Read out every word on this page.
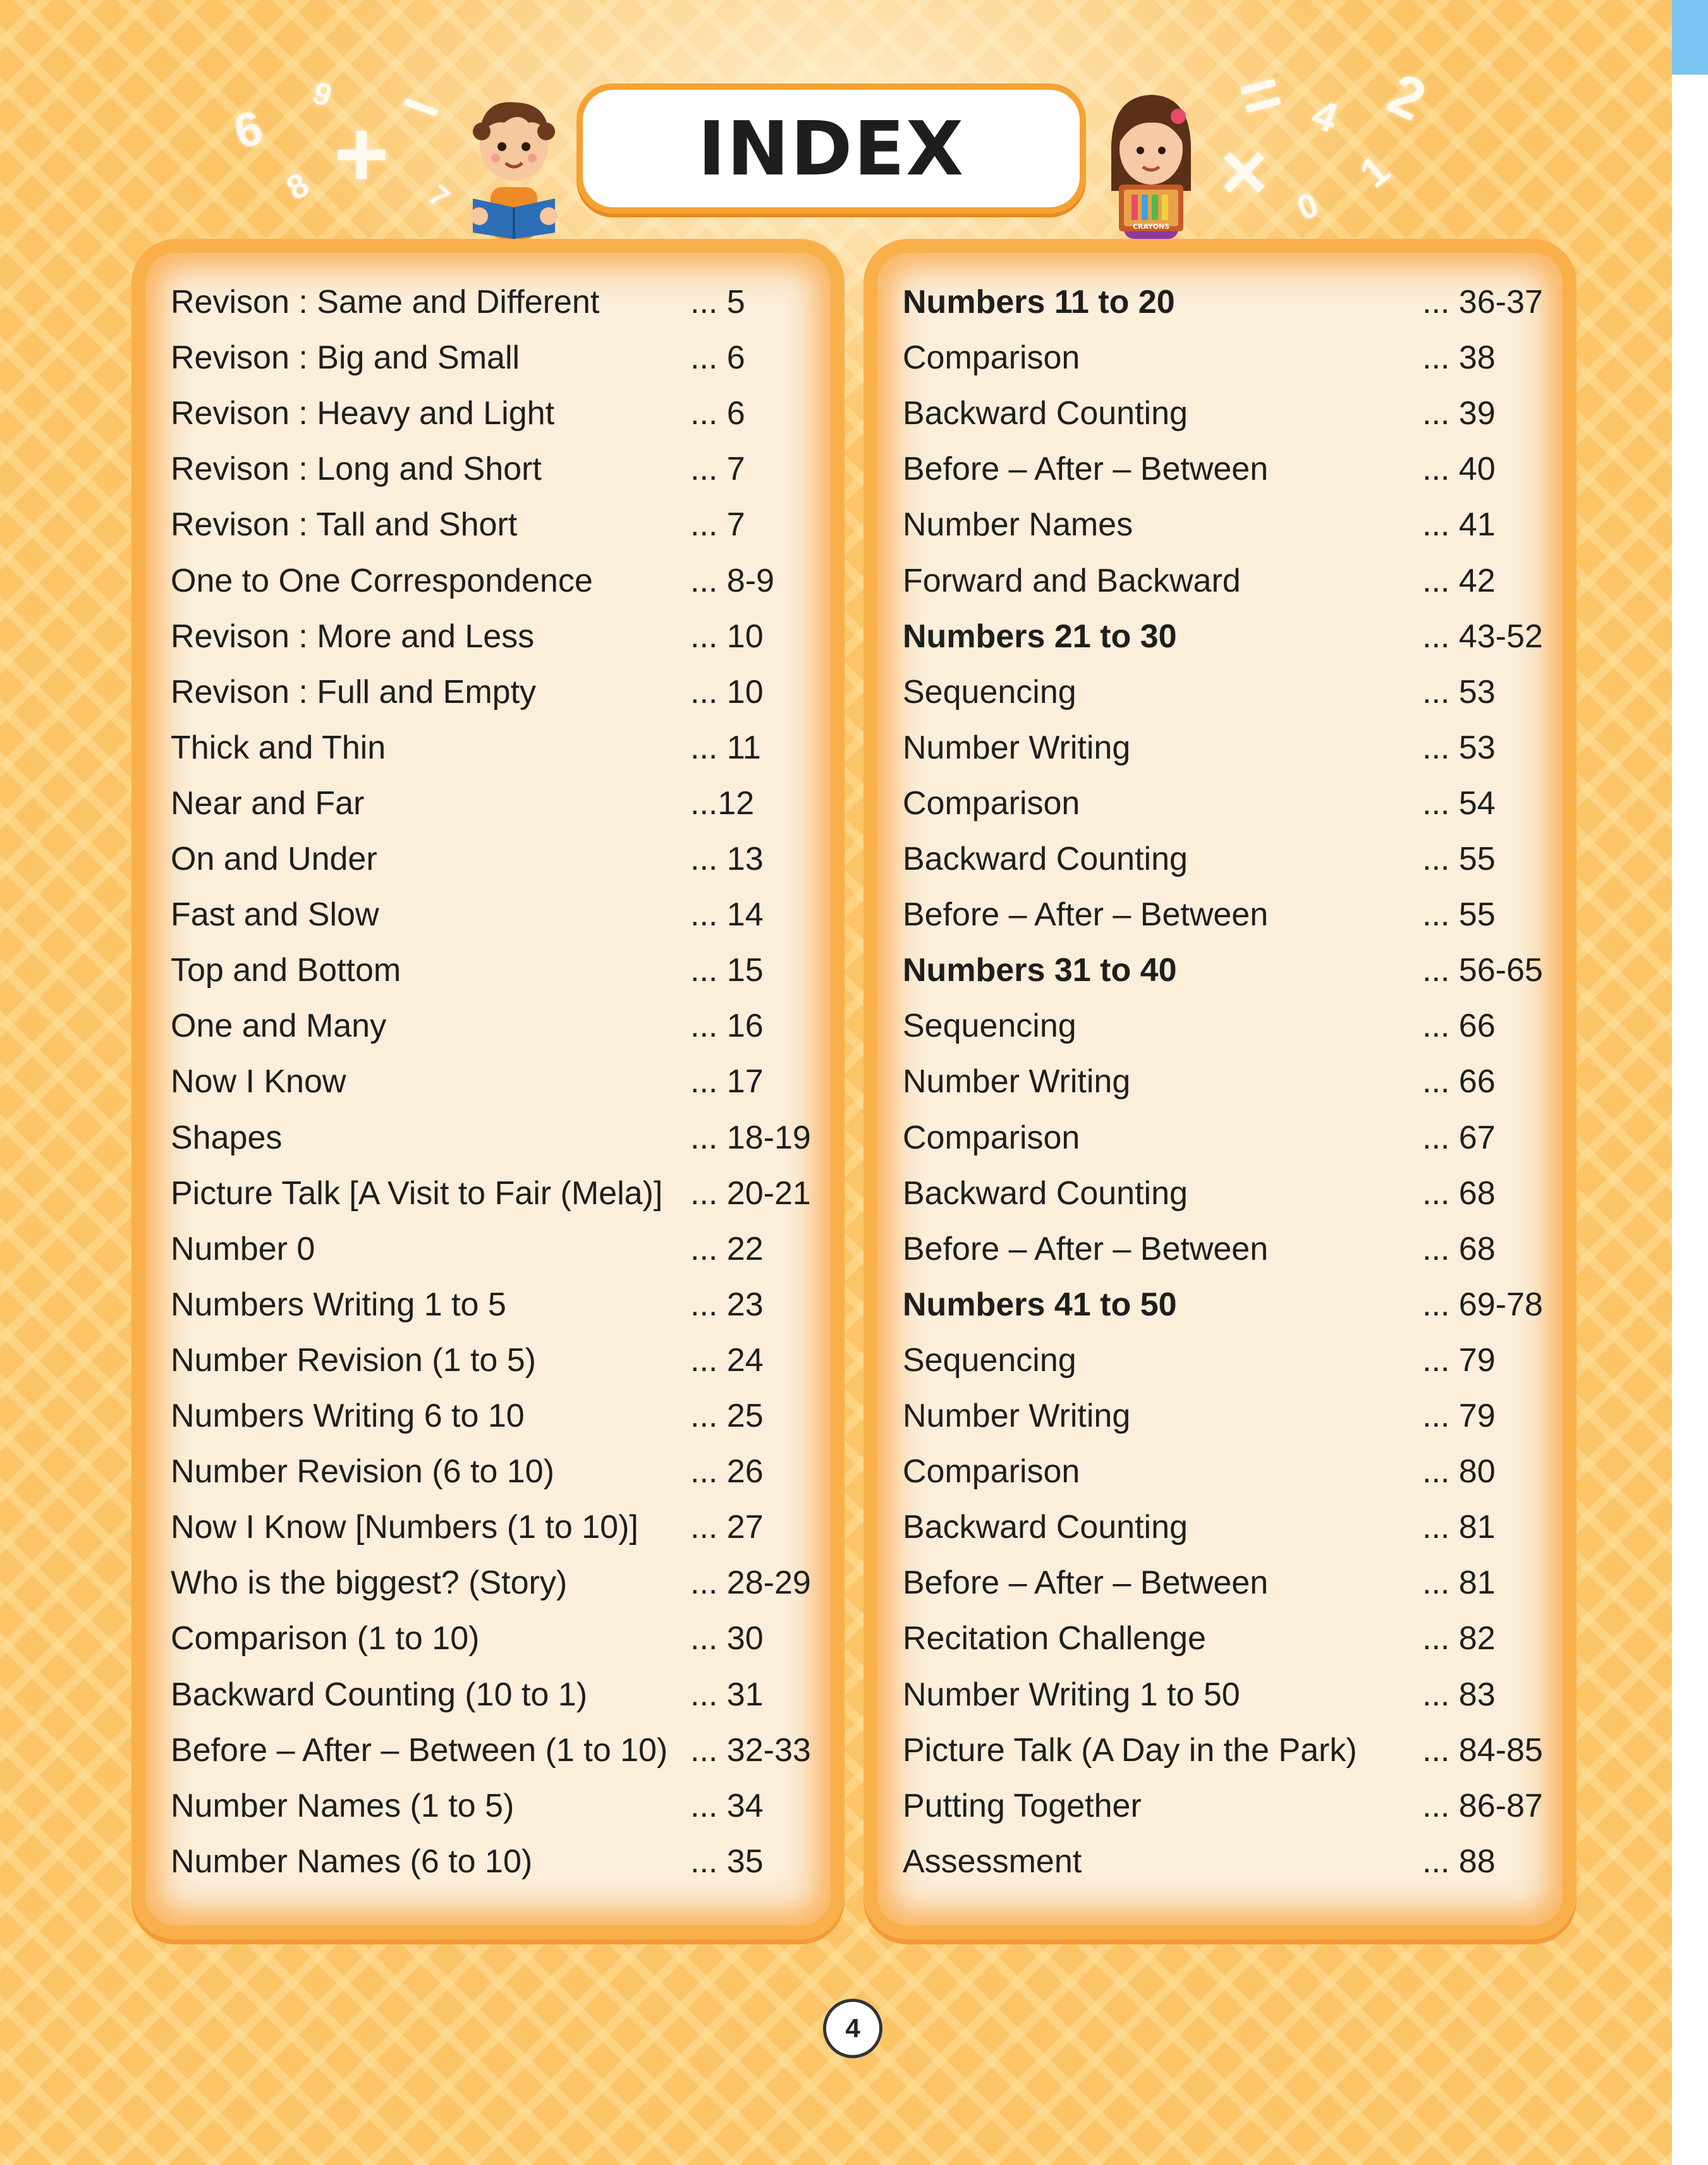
6
9
+
8
–
7
= 4 2
× 1
0
CRAYONS
INDEX
Revison : Same and Different	... 5
Revison : Big and Small	... 6
Revison : Heavy and Light	... 6
Revison : Long and Short	... 7
Revison : Tall and Short	... 7
One to One Correspondence	... 8-9
Revison : More and Less	... 10
Revison : Full and Empty	... 10
Thick and Thin	... 11
Near and Far	...12
On and Under	... 13
Fast and Slow	... 14
Top and Bottom	... 15
One and Many	... 16
Now I Know	... 17
Shapes	... 18-19
Picture Talk [A Visit to Fair (Mela)] ... 20-21
Number 0	... 22
Numbers Writing 1 to 5	... 23
Number Revision (1 to 5)	... 24
Numbers Writing 6 to 10	... 25
Number Revision (6 to 10)	... 26
Now I Know [Numbers (1 to 10)] ... 27
Who is the biggest? (Story)	... 28-29
Comparison (1 to 10)	... 30
Backward Counting (10 to 1)	... 31
Before – After – Between (1 to 10) ... 32-33
Number Names (1 to 5)	... 34
Number Names (6 to 10)	... 35
Numbers 11 to 20	... 36-37
Comparison	... 38
Backward Counting	... 39
Before – After – Between	... 40
Number Names	... 41
Forward and Backward	... 42
Numbers 21 to 30	... 43-52
Sequencing	... 53
Number Writing	... 53
Comparison	... 54
Backward Counting	... 55
Before – After – Between	... 55
Numbers 31 to 40	... 56-65
Sequencing	... 66
Number Writing	... 66
Comparison	... 67
Backward Counting	... 68
Before – After – Between	... 68
Numbers 41 to 50	... 69-78
Sequencing	... 79
Number Writing	... 79
Comparison	... 80
Backward Counting	... 81
Before – After – Between	... 81
Recitation Challenge	... 82
Number Writing 1 to 50	... 83
Picture Talk (A Day in the Park) ... 84-85
Putting Together	... 86-87
Assessment	... 88
4
